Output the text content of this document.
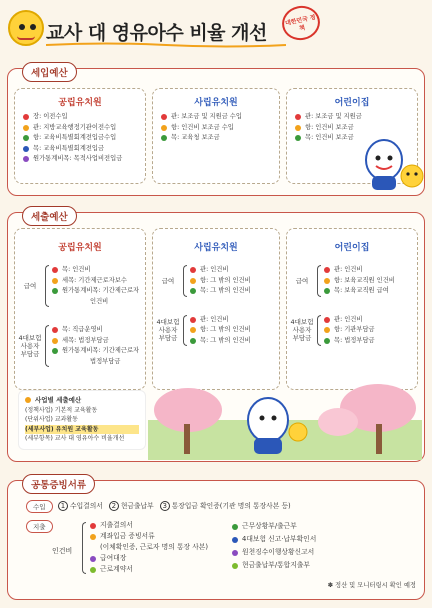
교사 대 영유아수 비율 개선
대한민국 정책
세입예산
공립유치원
장: 이전수입
관: 지방교육행정기관이전수입
항: 교육비특별회계전입금수입
목: 교육비특별회계전입금
원가통계비목: 목적사업비전입금
사립유치원
관: 보조금 및 지원금 수입
항: 인건비 보조금 수입
목: 교육청 보조금
어린이집
관: 보조금 및 지원금
항: 인건비 보조금
목: 인건비 보조금
세출예산
공립유치원
급여
목: 인건비
세목: 기간제근로자보수
원가통계비목: 기간제근로자
인건비
4대보험
사용자
부담금
목: 직급운영비
세목: 법정부담금
원가통계비목: 기간제근로자
법정부담금
사립유치원
급여
관: 인건비
항: 그 밖의 인건비
목: 그 밖의 인건비
4대보험
사용자
부담금
관: 인건비
항: 그 밖의 인건비
목: 그 밖의 인건비
어린이집
급여
관: 인건비
항: 보육교직원 인건비
목: 보육교직원 급여
4대보험
사용자
부담금
관: 인건비
항: 기관부담금
목: 법정부담금
사업별 세출예산
(정책사업) 기본적 교육활동
(단위사업) 교과활동
(세부사업) 유치원 교육활동
(세부항목) 교사 대 영유아수 비율개선
공통증빙서류
수입	1 수입결의서	2 현금출납부	3 통장입금 확인증(기관 명의 통장사본 등)
지출
인건비
지출결의서
계좌입금 증빙서류
(이체확인증, 근로자 명의 통장 사본)
급여대장
근로계약서
근무상황부/출근부
4대보험 신고·납부확인서
원천징수이행상황신고서
현금출납부/통합지출부
✽ 정산 및 모니터링시 확인 예정
